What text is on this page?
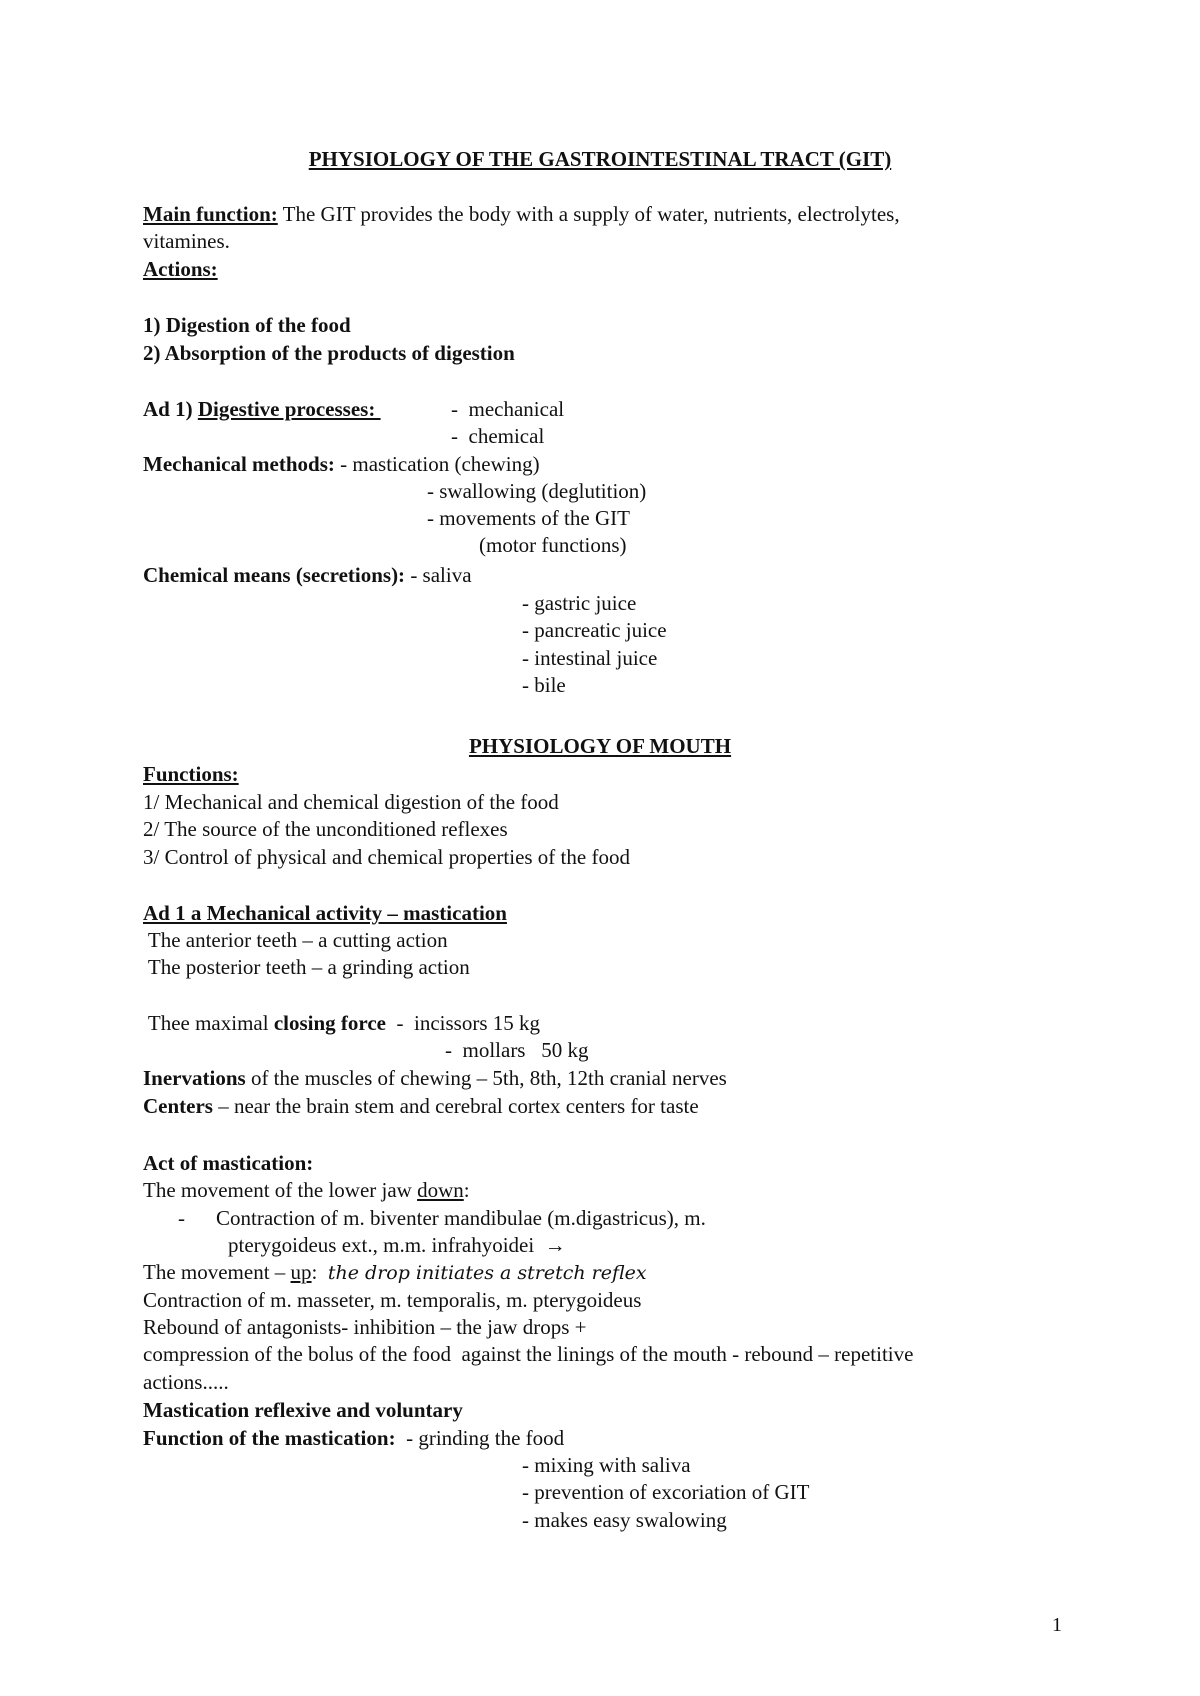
PHYSIOLOGY OF THE GASTROINTESTINAL TRACT (GIT)
Main function: The GIT provides the body with a supply of water, nutrients, electrolytes,
vitamines.
Actions:
1) Digestion of the food
2) Absorption of the products of digestion
Ad 1) Digestive processes:	-  mechanical
-  chemical
Mechanical methods: - mastication (chewing)
- swallowing (deglutition)
- movements of the GIT
(motor functions)
Chemical means (secretions): - saliva
- gastric juice
- pancreatic juice
- intestinal juice
- bile
PHYSIOLOGY OF MOUTH
Functions:
1/ Mechanical and chemical digestion of the food
2/ The source of the unconditioned reflexes
3/ Control of physical and chemical properties of the food
Ad 1 a Mechanical activity – mastication
The anterior teeth – a cutting action
The posterior teeth – a grinding action
Thee maximal closing force  -  incissors 15 kg
-  mollars   50 kg
Inervations of the muscles of chewing – 5th, 8th, 12th cranial nerves
Centers – near the brain stem and cerebral cortex centers for taste
Act of mastication:
The movement of the lower jaw down:
- Contraction of m. biventer mandibulae (m.digastricus), m.
pterygoideus ext., m.m. infrahyoidei  →
The movement – up:  the drop initiates a stretch reflex
Contraction of m. masseter, m. temporalis, m. pterygoideus
Rebound of antagonists- inhibition – the jaw drops +
compression of the bolus of the food  against the linings of the mouth - rebound – repetitive
actions.....
Mastication reflexive and voluntary
Function of the mastication:  - grinding the food
- mixing with saliva
- prevention of excoriation of GIT
- makes easy swalowing
1
